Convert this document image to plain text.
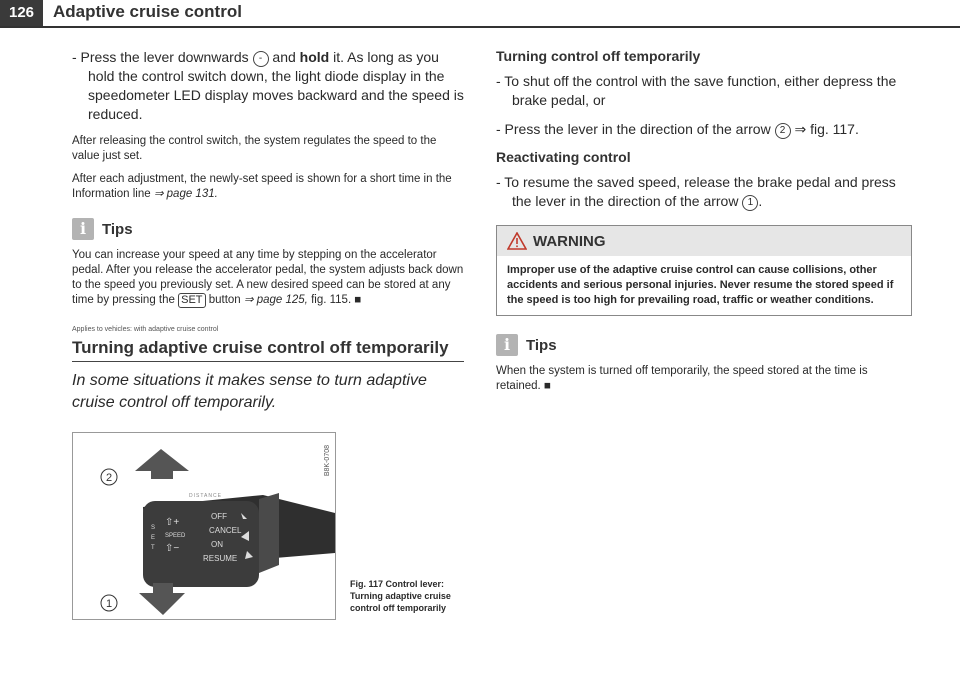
126	Adaptive cruise control

- Press the lever downwards - and hold it. As long as you hold the control switch down, the light diode display in the speedometer LED display moves backward and the speed is reduced.

After releasing the control switch, the system regulates the speed to the value just set.

After each adjustment, the newly-set speed is shown for a short time in the Information line ⇒ page 131.

i	Tips

You can increase your speed at any time by stepping on the accelerator pedal. After you release the accelerator pedal, the system adjusts back down to the speed you previously set. A new desired speed can be stored at any time by pressing the SET button ⇒ page 125, fig. 115. ■

Applies to vehicles: with adaptive cruise control
Turning adaptive cruise control off temporarily

In some situations it makes sense to turn adaptive cruise control off temporarily.

DISTANCE
OFF
CANCEL
ON
RESUME
SPEED
S
E
T
⇧+
⇧−
2
1
B8K-0708
Fig. 117 Control lever: Turning adaptive cruise control off temporarily
Turning control off temporarily

- To shut off the control with the save function, either depress the brake pedal, or

- Press the lever in the direction of the arrow 2 ⇒ fig. 117.

Reactivating control

- To resume the saved speed, release the brake pedal and press the lever in the direction of the arrow 1 .

WARNING
Improper use of the adaptive cruise control can cause collisions, other accidents and serious personal injuries. Never resume the stored speed if the speed is too high for prevailing road, traffic or weather conditions.
i	Tips

When the system is turned off temporarily, the speed stored at the time is retained. ■
